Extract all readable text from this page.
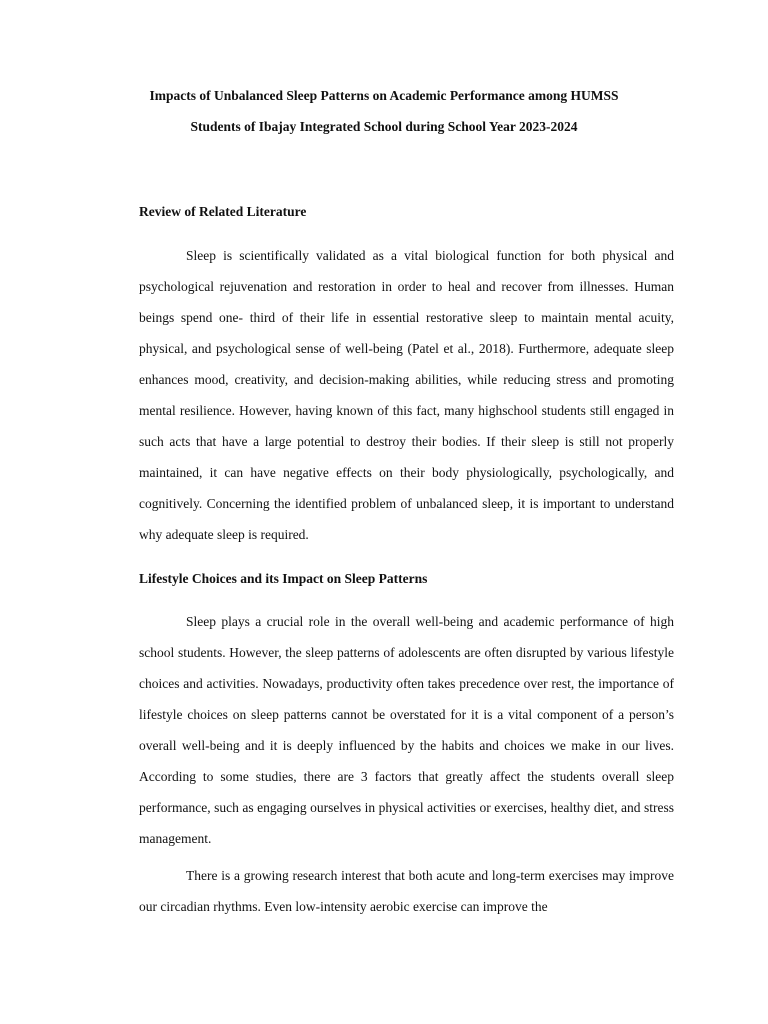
Impacts of Unbalanced Sleep Patterns on Academic Performance among HUMSS
Students of Ibajay Integrated School during School Year 2023-2024
Review of Related Literature

Sleep is scientifically validated as a vital biological function for both physical and psychological rejuvenation and restoration in order to heal and recover from illnesses. Human beings spend one- third of their life in essential restorative sleep to maintain mental acuity, physical, and psychological sense of well-being (Patel et al., 2018). Furthermore, adequate sleep enhances mood, creativity, and decision-making abilities, while reducing stress and promoting mental resilience. However, having known of this fact, many highschool students still engaged in such acts that have a large potential to destroy their bodies. If their sleep is still not properly maintained, it can have negative effects on their body physiologically, psychologically, and cognitively. Concerning the identified problem of unbalanced sleep, it is important to understand why adequate sleep is required.

Lifestyle Choices and its Impact on Sleep Patterns

Sleep plays a crucial role in the overall well-being and academic performance of high school students. However, the sleep patterns of adolescents are often disrupted by various lifestyle choices and activities. Nowadays, productivity often takes precedence over rest, the importance of lifestyle choices on sleep patterns cannot be overstated for it is a vital component of a person’s overall well-being and it is deeply influenced by the habits and choices we make in our lives. According to some studies, there are 3 factors that greatly affect the students overall sleep performance, such as engaging ourselves in physical activities or exercises, healthy diet, and stress management.

There is a growing research interest that both acute and long-term exercises may improve our circadian rhythms. Even low-intensity aerobic exercise can improve the
